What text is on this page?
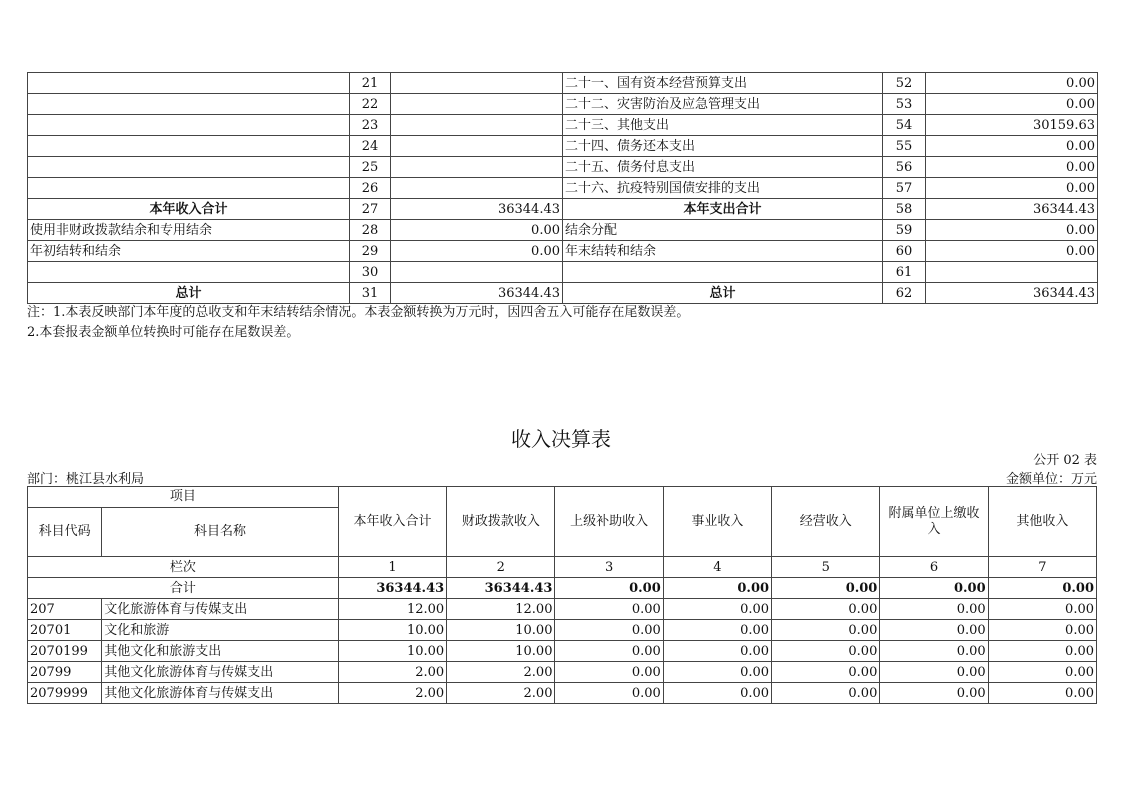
	21		二十一、国有资本经营预算支出	52	0.00
	22		二十二、灾害防治及应急管理支出	53	0.00
	23		二十三、其他支出	54	30159.63
	24		二十四、债务还本支出	55	0.00
	25		二十五、债务付息支出	56	0.00
	26		二十六、抗疫特别国债安排的支出	57	0.00
本年收入合计	27	36344.43	本年支出合计	58	36344.43
使用非财政拨款结余和专用结余	28	0.00	结余分配	59	0.00
年初结转和结余	29	0.00	年末结转和结余	60	0.00
	30			61	
总计	31	36344.43	总计	62	36344.43
注：1.本表反映部门本年度的总收支和年末结转结余情况。本表金额转换为万元时，因四舍五入可能存在尾数误差。
2.本套报表金额单位转换时可能存在尾数误差。
收入决算表
公开 02 表
部门：桃江县水利局	金额单位：万元
项目		本年收入合计	财政拨款收入	上级补助收入	事业收入	经营收入	附属单位上缴收入	其他收入
科目代码	科目名称							
栏次		1	2	3	4	5	6	7
合计		36344.43	36344.43	0.00	0.00	0.00	0.00	0.00
207	文化旅游体育与传媒支出	12.00	12.00	0.00	0.00	0.00	0.00	0.00
20701	文化和旅游	10.00	10.00	0.00	0.00	0.00	0.00	0.00
2070199	其他文化和旅游支出	10.00	10.00	0.00	0.00	0.00	0.00	0.00
20799	其他文化旅游体育与传媒支出	2.00	2.00	0.00	0.00	0.00	0.00	0.00
2079999	其他文化旅游体育与传媒支出	2.00	2.00	0.00	0.00	0.00	0.00	0.00
